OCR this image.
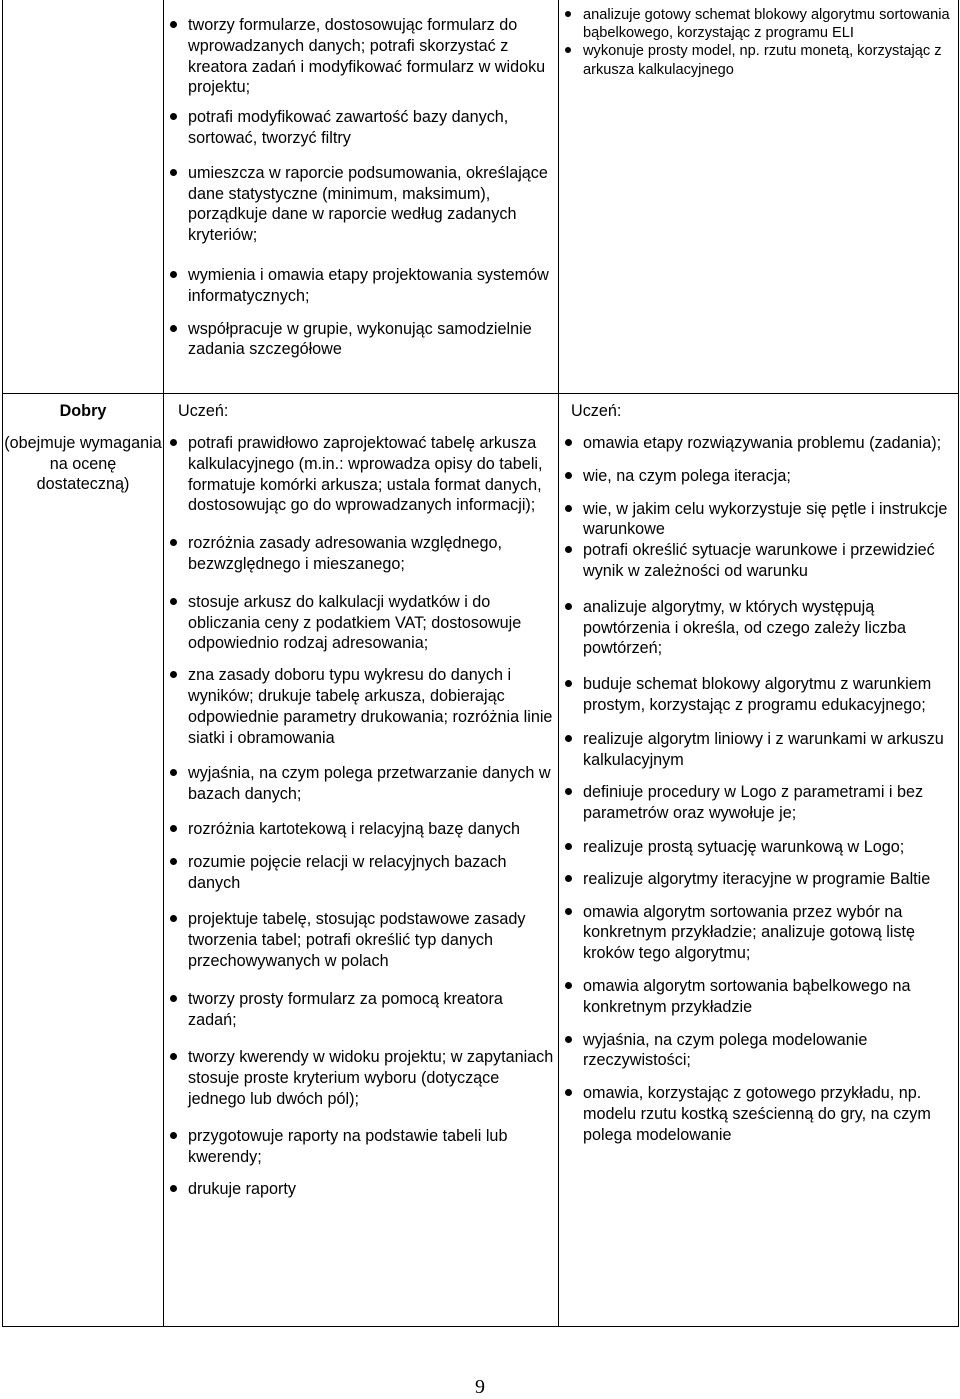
tworzy formularze, dostosowując formularz do wprowadzanych danych; potrafi skorzystać z kreatora zadań i modyfikować formularz w widoku projektu;
potrafi modyfikować zawartość bazy danych, sortować, tworzyć filtry
umieszcza w raporcie podsumowania, określające dane statystyczne (minimum, maksimum), porządkuje dane w raporcie według zadanych kryteriów;
wymienia i omawia etapy projektowania systemów informatycznych;
współpracuje w grupie, wykonując samodzielnie zadania szczegółowe
analizuje gotowy schemat blokowy algorytmu sortowania bąbelkowego, korzystając z programu ELI
wykonuje prosty model, np. rzutu monetą, korzystając z arkusza kalkulacyjnego
Dobry
(obejmuje wymagania na ocenę dostateczną)
Uczeń:
potrafi prawidłowo zaprojektować tabelę arkusza kalkulacyjnego (m.in.: wprowadza opisy do tabeli, formatuje komórki arkusza; ustala format danych, dostosowując go do wprowadzanych informacji);
rozróżnia zasady adresowania względnego, bezwzględnego i mieszanego;
stosuje arkusz do kalkulacji wydatków i do obliczania ceny z podatkiem VAT; dostosowuje odpowiednio rodzaj adresowania;
zna zasady doboru typu wykresu do danych i wyników; drukuje tabelę arkusza, dobierając odpowiednie parametry drukowania; rozróżnia linie siatki i obramowania
wyjaśnia, na czym polega przetwarzanie danych w bazach danych;
rozróżnia kartotekową i relacyjną bazę danych
rozumie pojęcie relacji w relacyjnych bazach danych
projektuje tabelę, stosując podstawowe zasady tworzenia tabel; potrafi określić typ danych przechowywanych w polach
tworzy prosty formularz za pomocą kreatora zadań;
tworzy kwerendy w widoku projektu; w zapytaniach stosuje proste kryterium wyboru (dotyczące jednego lub dwóch pól);
przygotowuje raporty na podstawie tabeli lub kwerendy;
drukuje raporty
Uczeń:
omawia etapy rozwiązywania problemu (zadania);
wie, na czym polega iteracja;
wie, w jakim celu wykorzystuje się pętle i instrukcje warunkowe
potrafi określić sytuacje warunkowe i przewidzieć wynik w zależności od warunku
analizuje algorytmy, w których występują powtórzenia i określa, od czego zależy liczba powtórzeń;
buduje schemat blokowy algorytmu z warunkiem prostym, korzystając z programu edukacyjnego;
realizuje algorytm liniowy i z warunkami w arkuszu kalkulacyjnym
definiuje procedury w Logo z parametrami i bez parametrów oraz wywołuje je;
realizuje prostą sytuację warunkową w Logo;
realizuje algorytmy iteracyjne w programie Baltie
omawia algorytm sortowania przez wybór na konkretnym przykładzie; analizuje gotową listę kroków tego algorytmu;
omawia algorytm sortowania bąbelkowego na konkretnym przykładzie
wyjaśnia, na czym polega modelowanie rzeczywistości;
omawia, korzystając z gotowego przykładu, np. modelu rzutu kostką sześcienną do gry, na czym polega modelowanie
9
